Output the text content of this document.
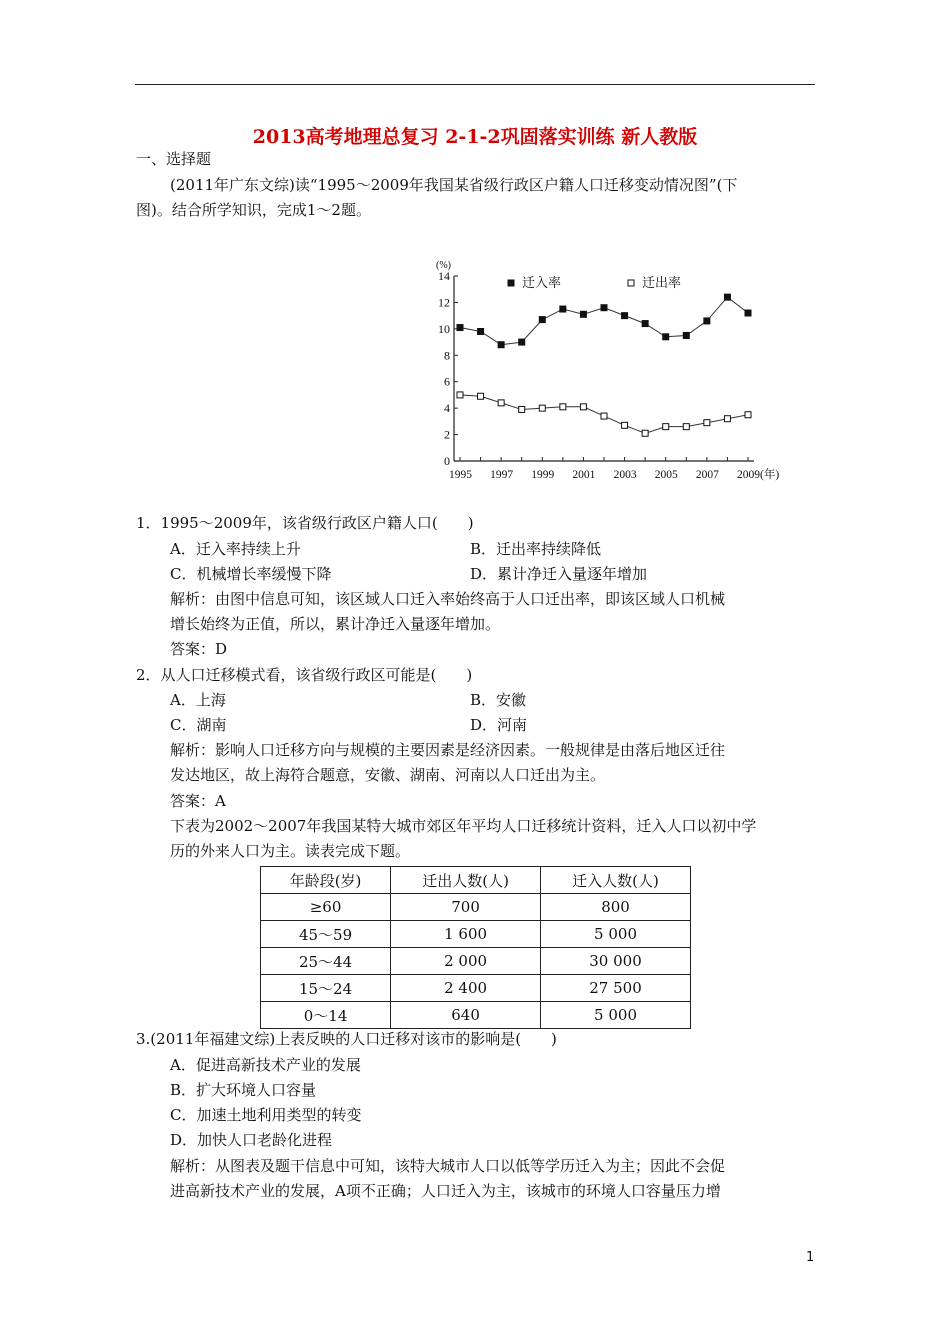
2013高考地理总复习 2-1-2巩固落实训练 新人教版
一、选择题
(2011年广东文综)读“1995～2009年我国某省级行政区户籍人口迁移变动情况图”(下
图)。结合所学知识，完成1～2题。
(%)
0
2
4
6
8
10
12
14
1995 1997 1999 2001 2003 2005 2007 2009(年)
迁入率	迁出率
1．1995～2009年，该省级行政区户籍人口(　　)
A．迁入率持续上升	B．迁出率持续降低
C．机械增长率缓慢下降	D．累计净迁入量逐年增加
解析：由图中信息可知，该区域人口迁入率始终高于人口迁出率，即该区域人口机械
增长始终为正值，所以，累计净迁入量逐年增加。
答案：D
2．从人口迁移模式看，该省级行政区可能是(　　)
A．上海	B．安徽
C．湖南	D．河南
解析：影响人口迁移方向与规模的主要因素是经济因素。一般规律是由落后地区迁往
发达地区，故上海符合题意，安徽、湖南、河南以人口迁出为主。
答案：A
下表为2002～2007年我国某特大城市郊区年平均人口迁移统计资料，迁入人口以初中学
历的外来人口为主。读表完成下题。
年龄段(岁)	迁出人数(人)	迁入人数(人)
≥60	700	800
45～59	1 600	5 000
25～44	2 000	30 000
15～24	2 400	27 500
0～14	640	5 000
3.(2011年福建文综)上表反映的人口迁移对该市的影响是(　　)
A．促进高新技术产业的发展
B．扩大环境人口容量
C．加速土地利用类型的转变
D．加快人口老龄化进程
解析：从图表及题干信息中可知，该特大城市人口以低等学历迁入为主；因此不会促
进高新技术产业的发展，A项不正确；人口迁入为主，该城市的环境人口容量压力增
1
